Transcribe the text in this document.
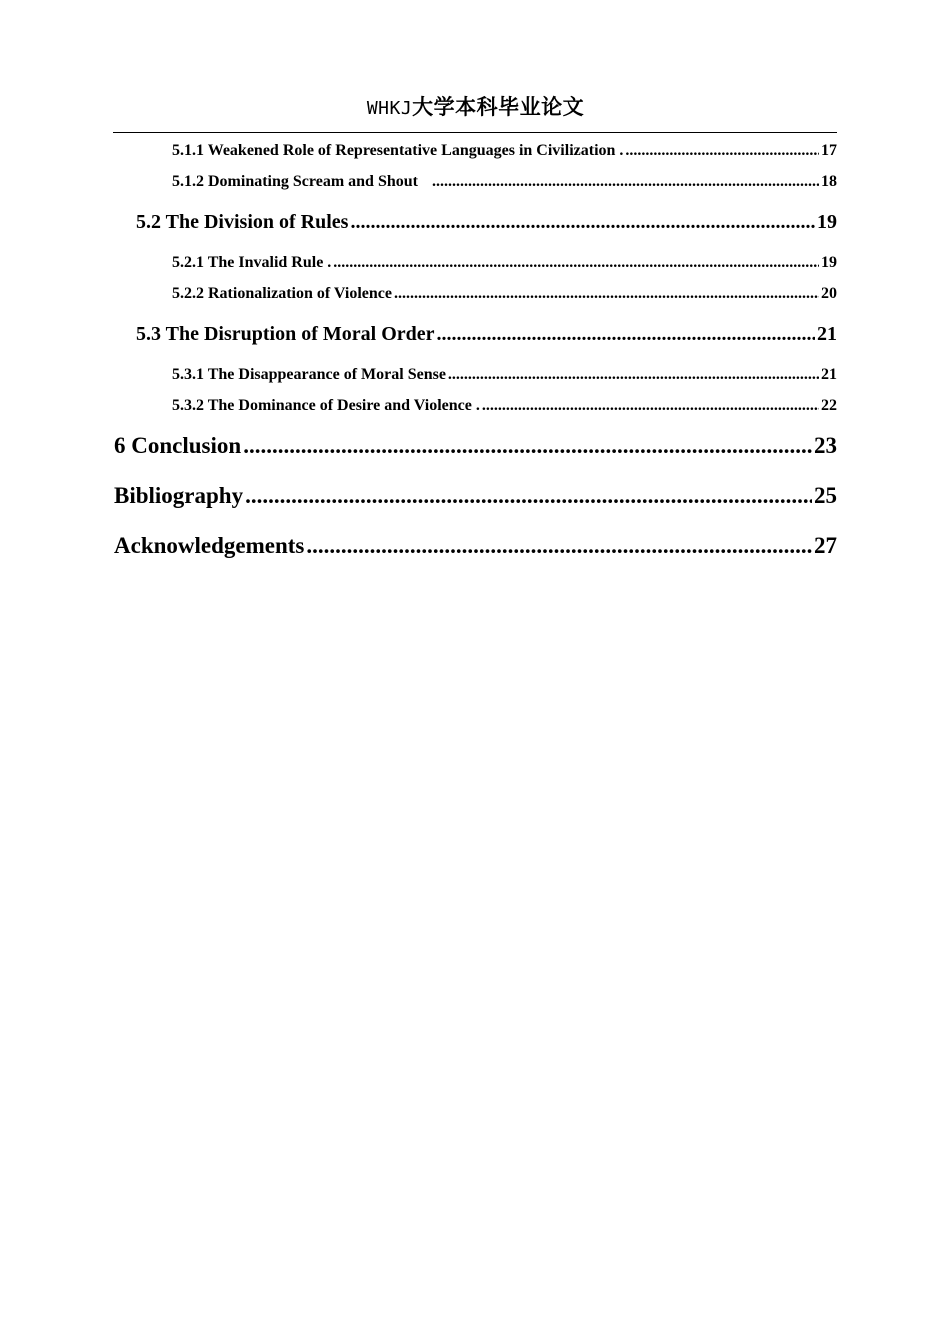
WHKJ大学本科毕业论文
5.1.1 Weakened Role of Representative Languages in Civilization . .....	17
5.1.2 Dominating Scream and Shout .....	18
5.2 The Division of Rules .....	19
5.2.1 The Invalid Rule . .....	19
5.2.2 Rationalization of Violence .....	20
5.3 The Disruption of Moral Order .....	21
5.3.1 The Disappearance of Moral Sense .....	21
5.3.2 The Dominance of Desire and Violence . .....	22
6 Conclusion .....	23
Bibliography .....	25
Acknowledgements .....	27
